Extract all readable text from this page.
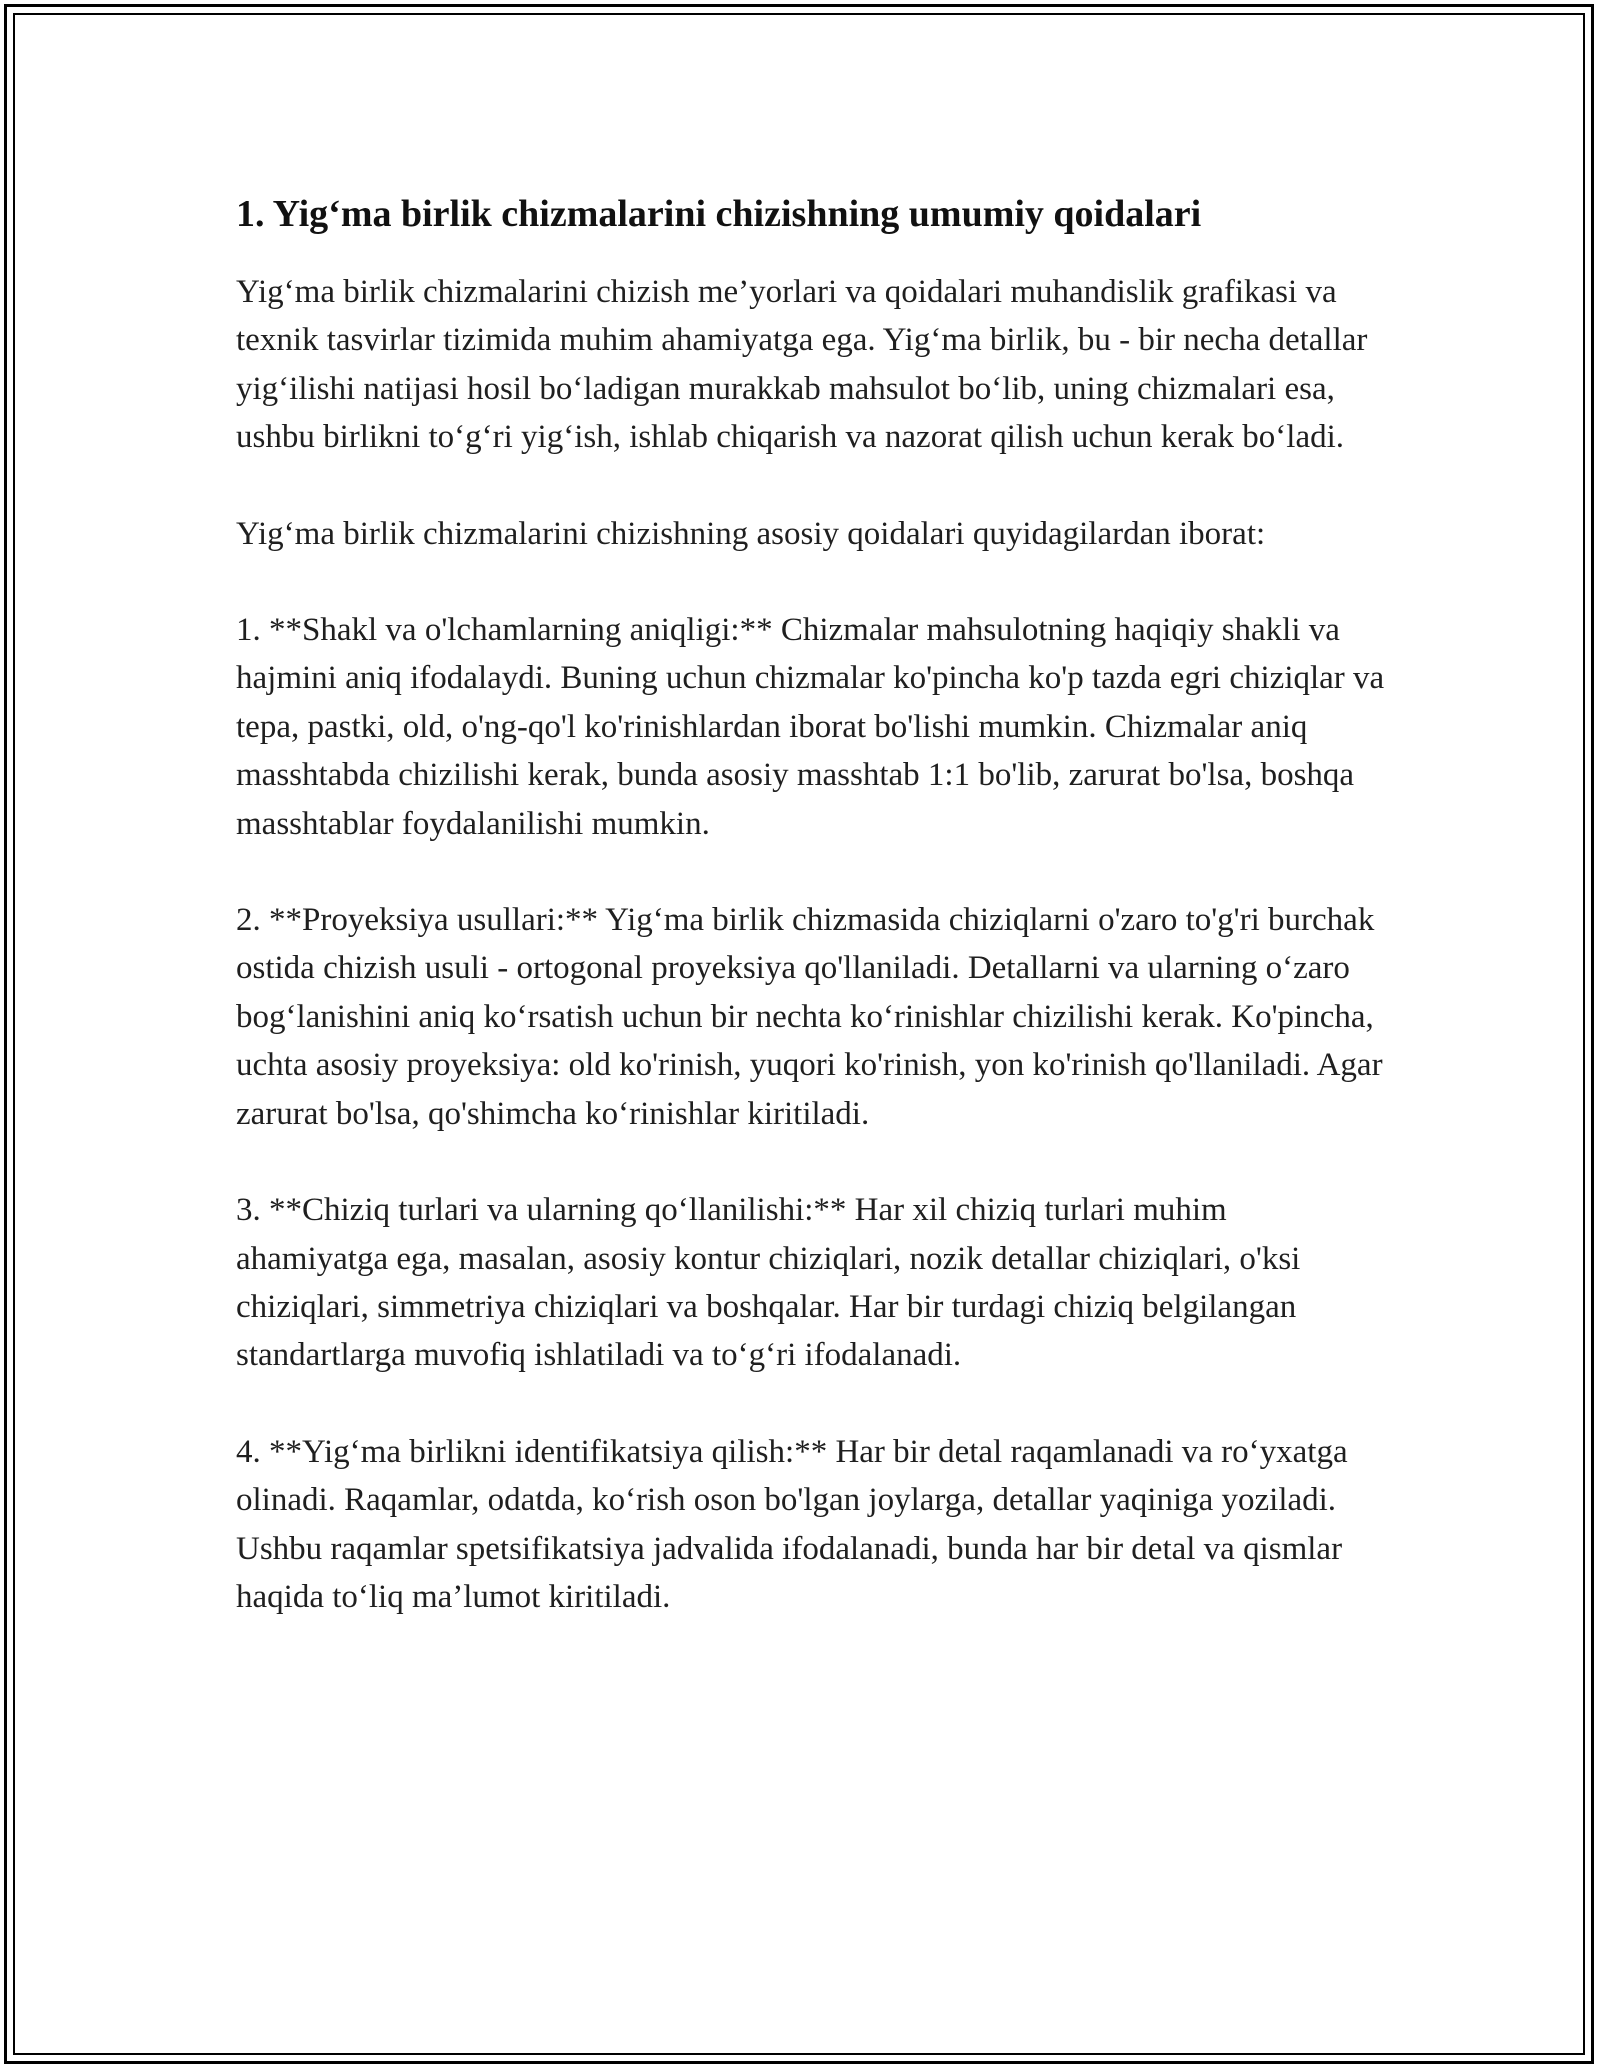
1. Yig‘ma birlik chizmalarini chizishning umumiy qoidalari

Yig‘ma birlik chizmalarini chizish me’yorlari va qoidalari muhandislik grafikasi va texnik tasvirlar tizimida muhim ahamiyatga ega. Yig‘ma birlik, bu - bir necha detallar yig‘ilishi natijasi hosil bo‘ladigan murakkab mahsulot bo‘lib, uning chizmalari esa, ushbu birlikni to‘g‘ri yig‘ish, ishlab chiqarish va nazorat qilish uchun kerak bo‘ladi.

Yig‘ma birlik chizmalarini chizishning asosiy qoidalari quyidagilardan iborat:

1. **Shakl va o'lchamlarning aniqligi:** Chizmalar mahsulotning haqiqiy shakli va hajmini aniq ifodalaydi. Buning uchun chizmalar ko'pincha ko'p tazda egri chiziqlar va tepa, pastki, old, o'ng-qo'l ko'rinishlardan iborat bo'lishi mumkin. Chizmalar aniq masshtabda chizilishi kerak, bunda asosiy masshtab 1:1 bo'lib, zarurat bo'lsa, boshqa masshtablar foydalanilishi mumkin.

2. **Proyeksiya usullari:** Yig‘ma birlik chizmasida chiziqlarni o'zaro to'g'ri burchak ostida chizish usuli - ortogonal proyeksiya qo'llaniladi. Detallarni va ularning o‘zaro bog‘lanishini aniq ko‘rsatish uchun bir nechta ko‘rinishlar chizilishi kerak. Ko'pincha, uchta asosiy proyeksiya: old ko'rinish, yuqori ko'rinish, yon ko'rinish qo'llaniladi. Agar zarurat bo'lsa, qo'shimcha ko‘rinishlar kiritiladi.

3. **Chiziq turlari va ularning qo‘llanilishi:** Har xil chiziq turlari muhim ahamiyatga ega, masalan, asosiy kontur chiziqlari, nozik detallar chiziqlari, o'ksi chiziqlari, simmetriya chiziqlari va boshqalar. Har bir turdagi chiziq belgilangan standartlarga muvofiq ishlatiladi va to‘g‘ri ifodalanadi.

4. **Yig‘ma birlikni identifikatsiya qilish:** Har bir detal raqamlanadi va ro‘yxatga olinadi. Raqamlar, odatda, ko‘rish oson bo'lgan joylarga, detallar yaqiniga yoziladi. Ushbu raqamlar spetsifikatsiya jadvalida ifodalanadi, bunda har bir detal va qismlar haqida to‘liq ma’lumot kiritiladi.
